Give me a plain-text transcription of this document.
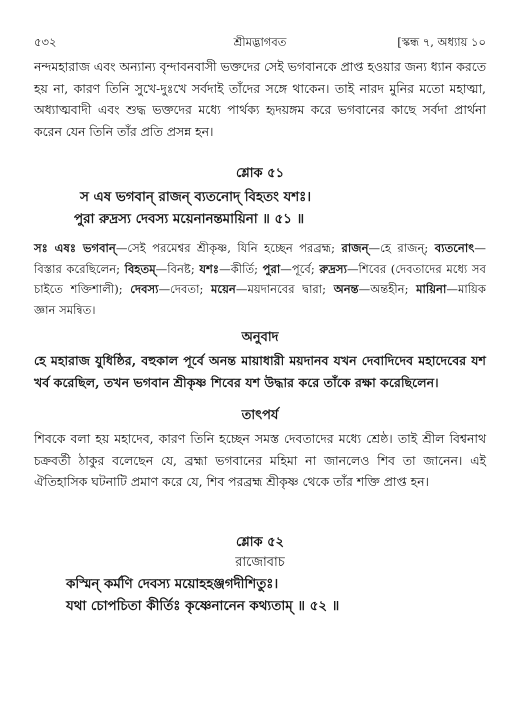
৫৩২	শ্রীমদ্ভাগবত	[স্কন্ধ ৭, অধ্যায় ১০

নন্দমহারাজ এবং অন্যান্য বৃন্দাবনবাসী ভক্তদের সেই ভগবানকে প্রাপ্ত হওয়ার জন্য ধ্যান করতে হয় না, কারণ তিনি সুখে-দুঃখে সর্বদাই তাঁদের সঙ্গে থাকেন। তাই নারদ মুনির মতো মহাত্মা, অধ্যাত্মবাদী এবং শুদ্ধ ভক্তদের মধ্যে পার্থক্য হৃদয়ঙ্গম করে ভগবানের কাছে সর্বদা প্রার্থনা করেন যেন তিনি তাঁর প্রতি প্রসন্ন হন।

শ্লোক ৫১
স এষ ভগবান্ রাজন্ ব্যতনোদ্ বিহতং যশঃ।
পুরা রুদ্রস্য দেবস্য ময়েনানন্তমায়িনা ॥ ৫১ ॥

সঃ এষঃ ভগবান্—সেই পরমেশ্বর শ্রীকৃষ্ণ, যিনি হচ্ছেন পরব্রহ্ম; রাজন্—হে রাজন্; ব্যতনোৎ—বিস্তার করেছিলেন; বিহতম্—বিনষ্ট; যশঃ—কীর্তি; পুরা—পূর্বে; রুদ্রস্য—শিবের (দেবতাদের মধ্যে সব চাইতে শক্তিশালী); দেবস্য—দেবতা; ময়েন—ময়দানবের দ্বারা; অনন্ত—অন্তহীন; মায়িনা—মায়িক জ্ঞান সমন্বিত।

অনুবাদ

হে মহারাজ যুধিষ্ঠির, বহুকাল পূর্বে অনন্ত মায়াধারী ময়দানব যখন দেবাদিদেব মহাদেবের যশ খর্ব করেছিল, তখন ভগবান শ্রীকৃষ্ণ শিবের যশ উদ্ধার করে তাঁকে রক্ষা করেছিলেন।

তাৎপর্য

শিবকে বলা হয় মহাদেব, কারণ তিনি হচ্ছেন সমস্ত দেবতাদের মধ্যে শ্রেষ্ঠ। তাই শ্রীল বিশ্বনাথ চক্রবর্তী ঠাকুর বলেছেন যে, ব্রহ্মা ভগবানের মহিমা না জানলেও শিব তা জানেন। এই ঐতিহাসিক ঘটনাটি প্রমাণ করে যে, শিব পরব্রহ্ম শ্রীকৃষ্ণ থেকে তাঁর শক্তি প্রাপ্ত হন।

শ্লোক ৫২
রাজোবাচ
কস্মিন্ কর্মণি দেবস্য ময়োহহঞ্জগদীশিতুঃ।
যথা চোপচিতা কীর্তিঃ কৃষ্ণেনানেন কথ্যতাম্ ॥ ৫২ ॥
